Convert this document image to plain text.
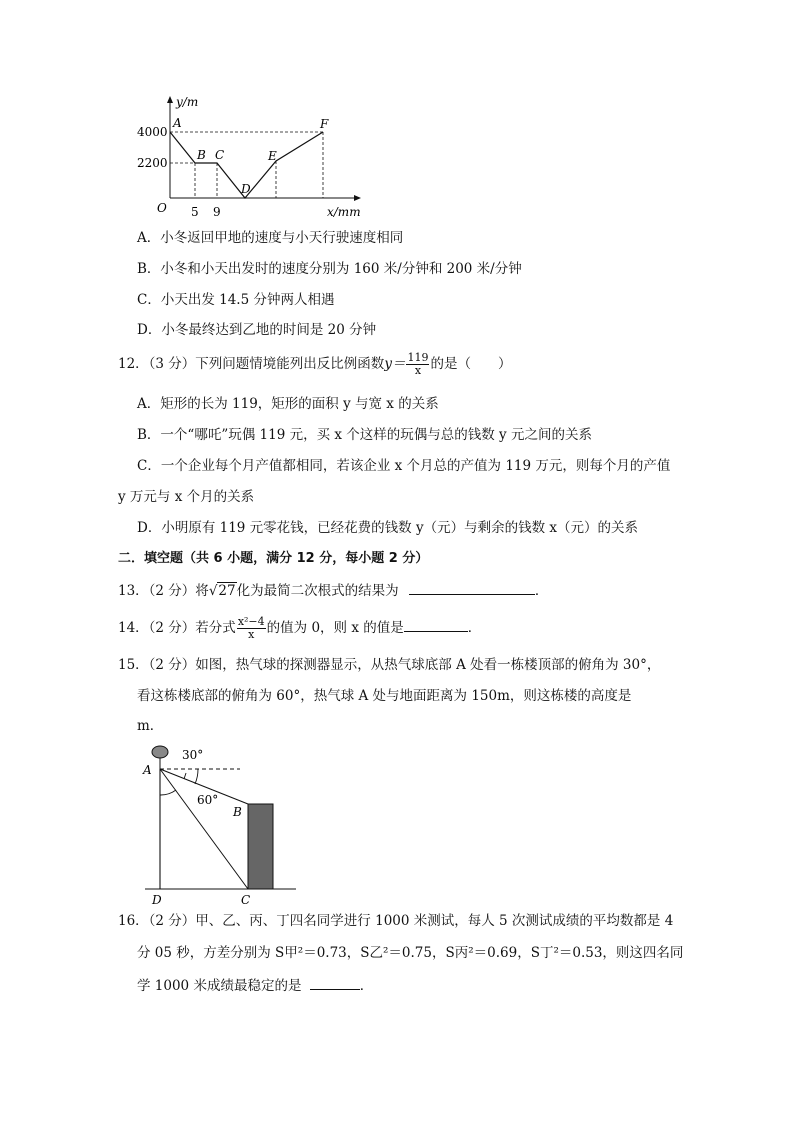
y/m
x/mm
4000
2200
5 9
O
A
B C
D
E
F
A．小冬返回甲地的速度与小天行驶速度相同
B．小冬和小天出发时的速度分别为 160 米/分钟和 200 米/分钟
C．小天出发 14.5 分钟两人相遇
D．小冬最终达到乙地的时间是 20 分钟
12．（3 分）下列问题情境能列出反比例函数$y= \frac{119}{x}$ 的是（　　）
A．矩形的长为 119，矩形的面积 y 与宽 x 的关系
B．一个“哪吒”玩偶 119 元，买 x 个这样的玩偶与总的钱数 y 元之间的关系
C．一个企业每个月产值都相同，若该企业 x 个月总的产值为 119 万元，则每个月的产值
y 万元与 x 个月的关系
D．小明原有 119 元零花钱，已经花费的钱数 y（元）与剩余的钱数 x（元）的关系
二．填空题（共 6 小题，满分 12 分，每小题 2 分）
13．（2 分）将√27化为最简二次根式的结果为	．
14．（2 分）若分式 $\frac{\text{x²−4}}{x}$ 的值为 0，则 x 的值是	．
15．（2 分）如图，热气球的探测器显示，从热气球底部 A 处看一栋楼顶部的俯角为 30°，
看这栋楼底部的俯角为 60°，热气球 A 处与地面距离为 150m，则这栋楼的高度是
m．
30°
60°
A
B
C
D
16．（2 分）甲、乙、丙、丁四名同学进行 1000 米测试，每人 5 次测试成绩的平均数都是 4
分 05 秒，方差分别为 S甲²＝0.73，S乙²＝0.75，S丙²＝0.69，S丁²＝0.53，则这四名同
学 1000 米成绩最稳定的是	．
